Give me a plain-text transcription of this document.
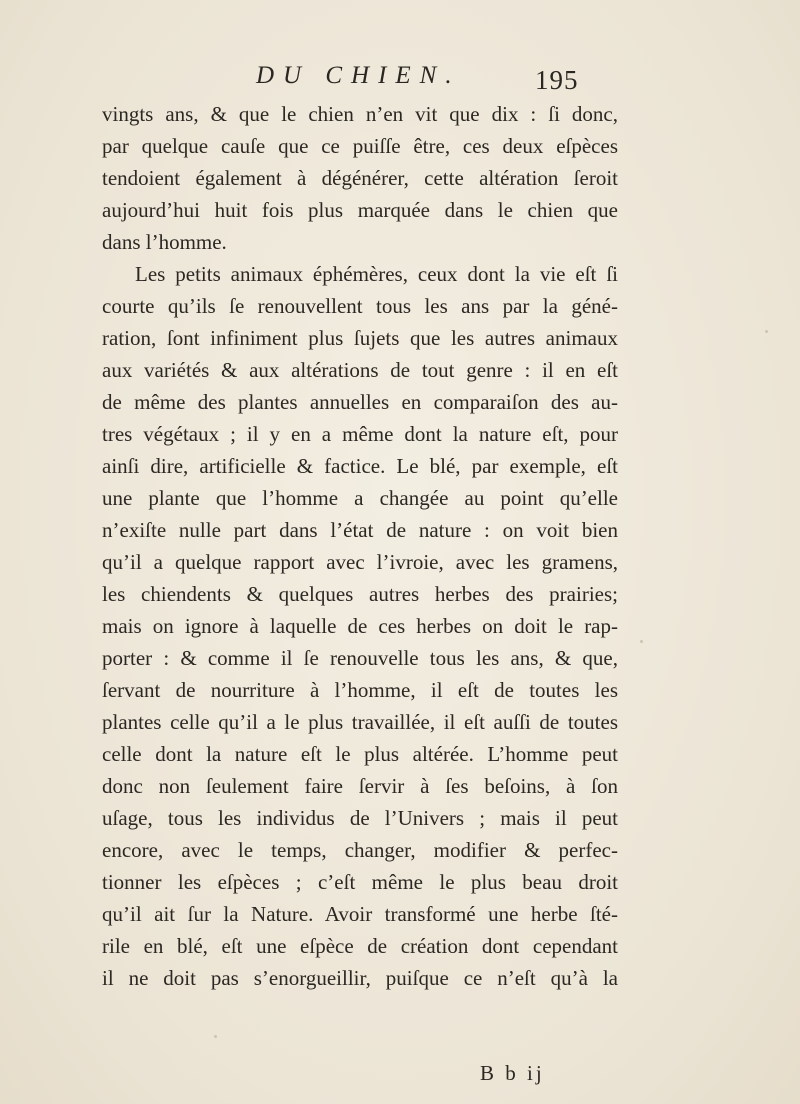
DU CHIEN.	195
vingts ans, & que le chien n’en vit que dix : ſi donc,
par quelque cauſe que ce puiſſe être, ces deux eſpèces
tendoient également à dégénérer, cette altération ſeroit
aujourd’hui huit fois plus marquée dans le chien que
dans l’homme.
Les petits animaux éphémères, ceux dont la vie eſt ſi
courte qu’ils ſe renouvellent tous les ans par la géné-
ration, ſont infiniment plus ſujets que les autres animaux
aux variétés & aux altérations de tout genre : il en eſt
de même des plantes annuelles en comparaiſon des au-
tres végétaux ; il y en a même dont la nature eſt, pour
ainſi dire, artificielle & factice. Le blé, par exemple, eſt
une plante que l’homme a changée au point qu’elle
n’exiſte nulle part dans l’état de nature : on voit bien
qu’il a quelque rapport avec l’ivroie, avec les gramens,
les chiendents & quelques autres herbes des prairies;
mais on ignore à laquelle de ces herbes on doit le rap-
porter : & comme il ſe renouvelle tous les ans, & que,
ſervant de nourriture à l’homme, il eſt de toutes les
plantes celle qu’il a le plus travaillée, il eſt auſſi de toutes
celle dont la nature eſt le plus altérée. L’homme peut
donc non ſeulement faire ſervir à ſes beſoins, à ſon
uſage, tous les individus de l’Univers ; mais il peut
encore, avec le temps, changer, modifier & perfec-
tionner les eſpèces ; c’eſt même le plus beau droit
qu’il ait ſur la Nature. Avoir transformé une herbe ſté-
rile en blé, eſt une eſpèce de création dont cependant
il ne doit pas s’enorgueillir, puiſque ce n’eſt qu’à la
B b ij
